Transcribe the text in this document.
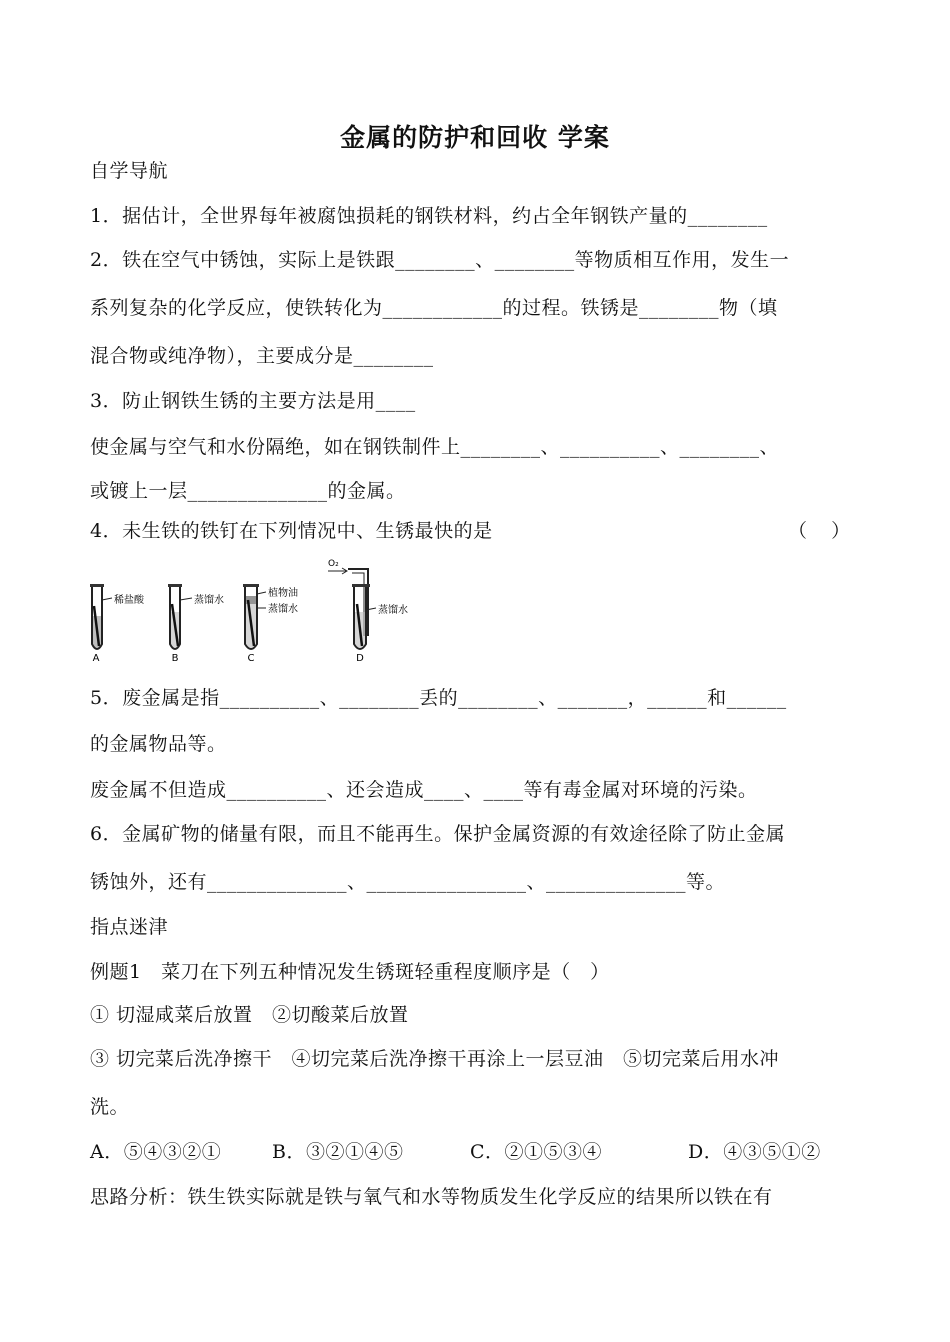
金属的防护和回收 学案
自学导航
1．据估计，全世界每年被腐蚀损耗的钢铁材料，约占全年钢铁产量的________
2．铁在空气中锈蚀，实际上是铁跟________、________等物质相互作用，发生一
系列复杂的化学反应，使铁转化为____________的过程。铁锈是________物（填
混合物或纯净物），主要成分是________
3．防止钢铁生锈的主要方法是用____
使金属与空气和水份隔绝，如在钢铁制件上________、__________、________、
或镀上一层______________的金属。
4．未生铁的铁钉在下列情况中、生锈最快的是	（    ）
稀盐酸
A
蒸馏水
B
植物油
蒸馏水
C
O₂
蒸馏水
D
5．废金属是指__________、________丢的________、_______，______和______
的金属物品等。
废金属不但造成__________、还会造成____、____等有毒金属对环境的污染。
6．金属矿物的储量有限，而且不能再生。保护金属资源的有效途径除了防止金属
锈蚀外，还有______________、________________、______________等。
指点迷津
例题1　菜刀在下列五种情况发生锈斑轻重程度顺序是（　）
① 切湿咸菜后放置　②切酸菜后放置
③ 切完菜后洗净擦干　④切完菜后洗净擦干再涂上一层豆油　⑤切完菜后用水冲
洗。
A．⑤④③②①	B．③②①④⑤	C．②①⑤③④	D．④③⑤①②
思路分析：铁生铁实际就是铁与氧气和水等物质发生化学反应的结果所以铁在有
